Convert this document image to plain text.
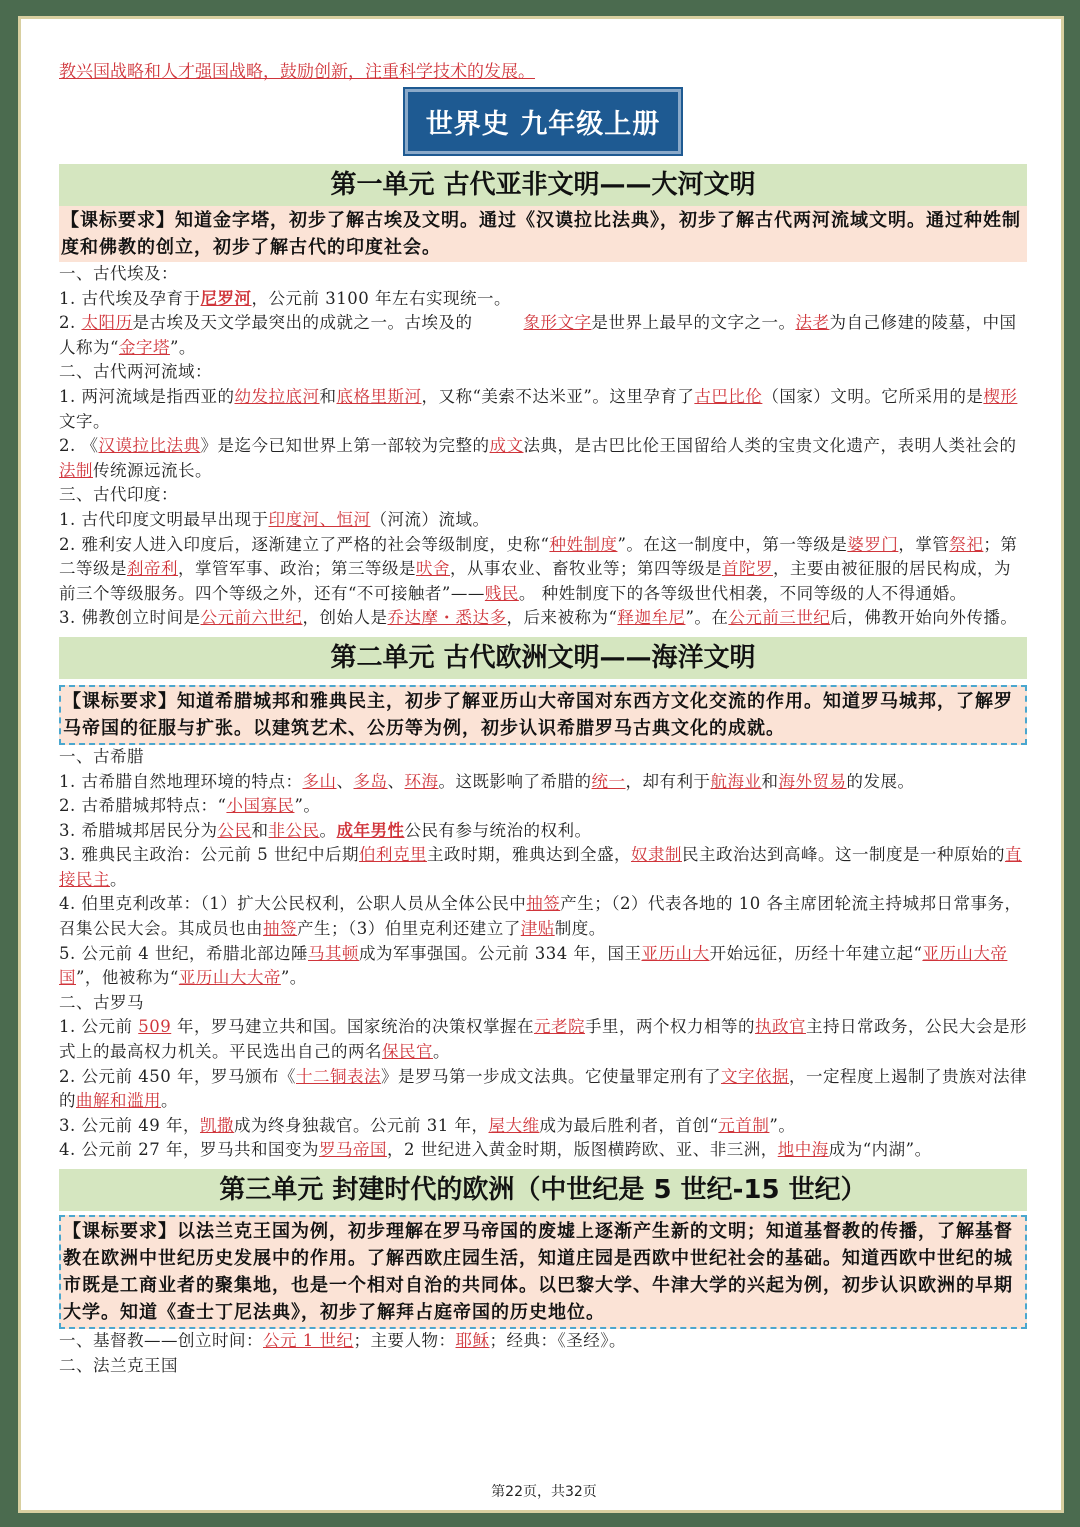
教兴国战略和人才强国战略，鼓励创新，注重科学技术的发展。
世界史 九年级上册
第一单元 古代亚非文明——大河文明
【课标要求】知道金字塔，初步了解古埃及文明。通过《汉谟拉比法典》，初步了解古代两河流域文明。通过种姓制度和佛教的创立，初步了解古代的印度社会。
一、古代埃及：
1. 古代埃及孕育于尼罗河，公元前 3100 年左右实现统一。
2. 太阳历是古埃及天文学最突出的成就之一。古埃及的　　　象形文字是世界上最早的文字之一。法老为自己修建的陵墓，中国人称为“金字塔”。
二、古代两河流域：
1. 两河流域是指西亚的幼发拉底河和底格里斯河，又称“美索不达米亚”。这里孕育了古巴比伦（国家）文明。它所采用的是楔形文字。
2. 《汉谟拉比法典》是迄今已知世界上第一部较为完整的成文法典，是古巴比伦王国留给人类的宝贵文化遗产，表明人类社会的法制传统源远流长。
三、古代印度：
1. 古代印度文明最早出现于印度河、恒河（河流）流域。
2. 雅利安人进入印度后，逐渐建立了严格的社会等级制度，史称“种姓制度”。在这一制度中，第一等级是婆罗门，掌管祭祀；第二等级是刹帝利，掌管军事、政治；第三等级是吠舍，从事农业、畜牧业等；第四等级是首陀罗，主要由被征服的居民构成，为前三个等级服务。四个等级之外，还有“不可接触者”——贱民。 种姓制度下的各等级世代相袭，不同等级的人不得通婚。
3. 佛教创立时间是公元前六世纪，创始人是乔达摩・悉达多，后来被称为“释迦牟尼”。在公元前三世纪后，佛教开始向外传播。
第二单元 古代欧洲文明——海洋文明
【课标要求】知道希腊城邦和雅典民主，初步了解亚历山大帝国对东西方文化交流的作用。知道罗马城邦，了解罗马帝国的征服与扩张。以建筑艺术、公历等为例，初步认识希腊罗马古典文化的成就。
一、古希腊
1. 古希腊自然地理环境的特点：多山、多岛、环海。这既影响了希腊的统一，却有利于航海业和海外贸易的发展。
2. 古希腊城邦特点：“小国寡民”。
3. 希腊城邦居民分为公民和非公民。成年男性公民有参与统治的权利。
3. 雅典民主政治：公元前 5 世纪中后期伯利克里主政时期，雅典达到全盛，奴隶制民主政治达到高峰。这一制度是一种原始的直接民主。
4. 伯里克利改革：（1）扩大公民权利，公职人员从全体公民中抽签产生；（2）代表各地的 10 各主席团轮流主持城邦日常事务，召集公民大会。其成员也由抽签产生；（3）伯里克利还建立了津贴制度。
5. 公元前 4 世纪，希腊北部边陲马其顿成为军事强国。公元前 334 年，国王亚历山大开始远征，历经十年建立起“亚历山大帝国”，他被称为“亚历山大大帝”。
二、古罗马
1. 公元前 509 年，罗马建立共和国。国家统治的决策权掌握在元老院手里，两个权力相等的执政官主持日常政务，公民大会是形式上的最高权力机关。平民选出自己的两名保民官。
2. 公元前 450 年，罗马颁布《十二铜表法》是罗马第一步成文法典。它使量罪定刑有了文字依据，一定程度上遏制了贵族对法律的曲解和滥用。
3. 公元前 49 年，凯撒成为终身独裁官。公元前 31 年，屋大维成为最后胜利者，首创“元首制”。
4. 公元前 27 年，罗马共和国变为罗马帝国，2 世纪进入黄金时期，版图横跨欧、亚、非三洲，地中海成为“内湖”。
第三单元 封建时代的欧洲（中世纪是 5 世纪-15 世纪）
【课标要求】以法兰克王国为例，初步理解在罗马帝国的废墟上逐渐产生新的文明；知道基督教的传播，了解基督教在欧洲中世纪历史发展中的作用。了解西欧庄园生活，知道庄园是西欧中世纪社会的基础。知道西欧中世纪的城市既是工商业者的聚集地，也是一个相对自治的共同体。以巴黎大学、牛津大学的兴起为例，初步认识欧洲的早期大学。知道《查士丁尼法典》，初步了解拜占庭帝国的历史地位。
一、基督教——创立时间：公元 1 世纪；主要人物：耶稣；经典：《圣经》。
二、法兰克王国
第22页，共32页
